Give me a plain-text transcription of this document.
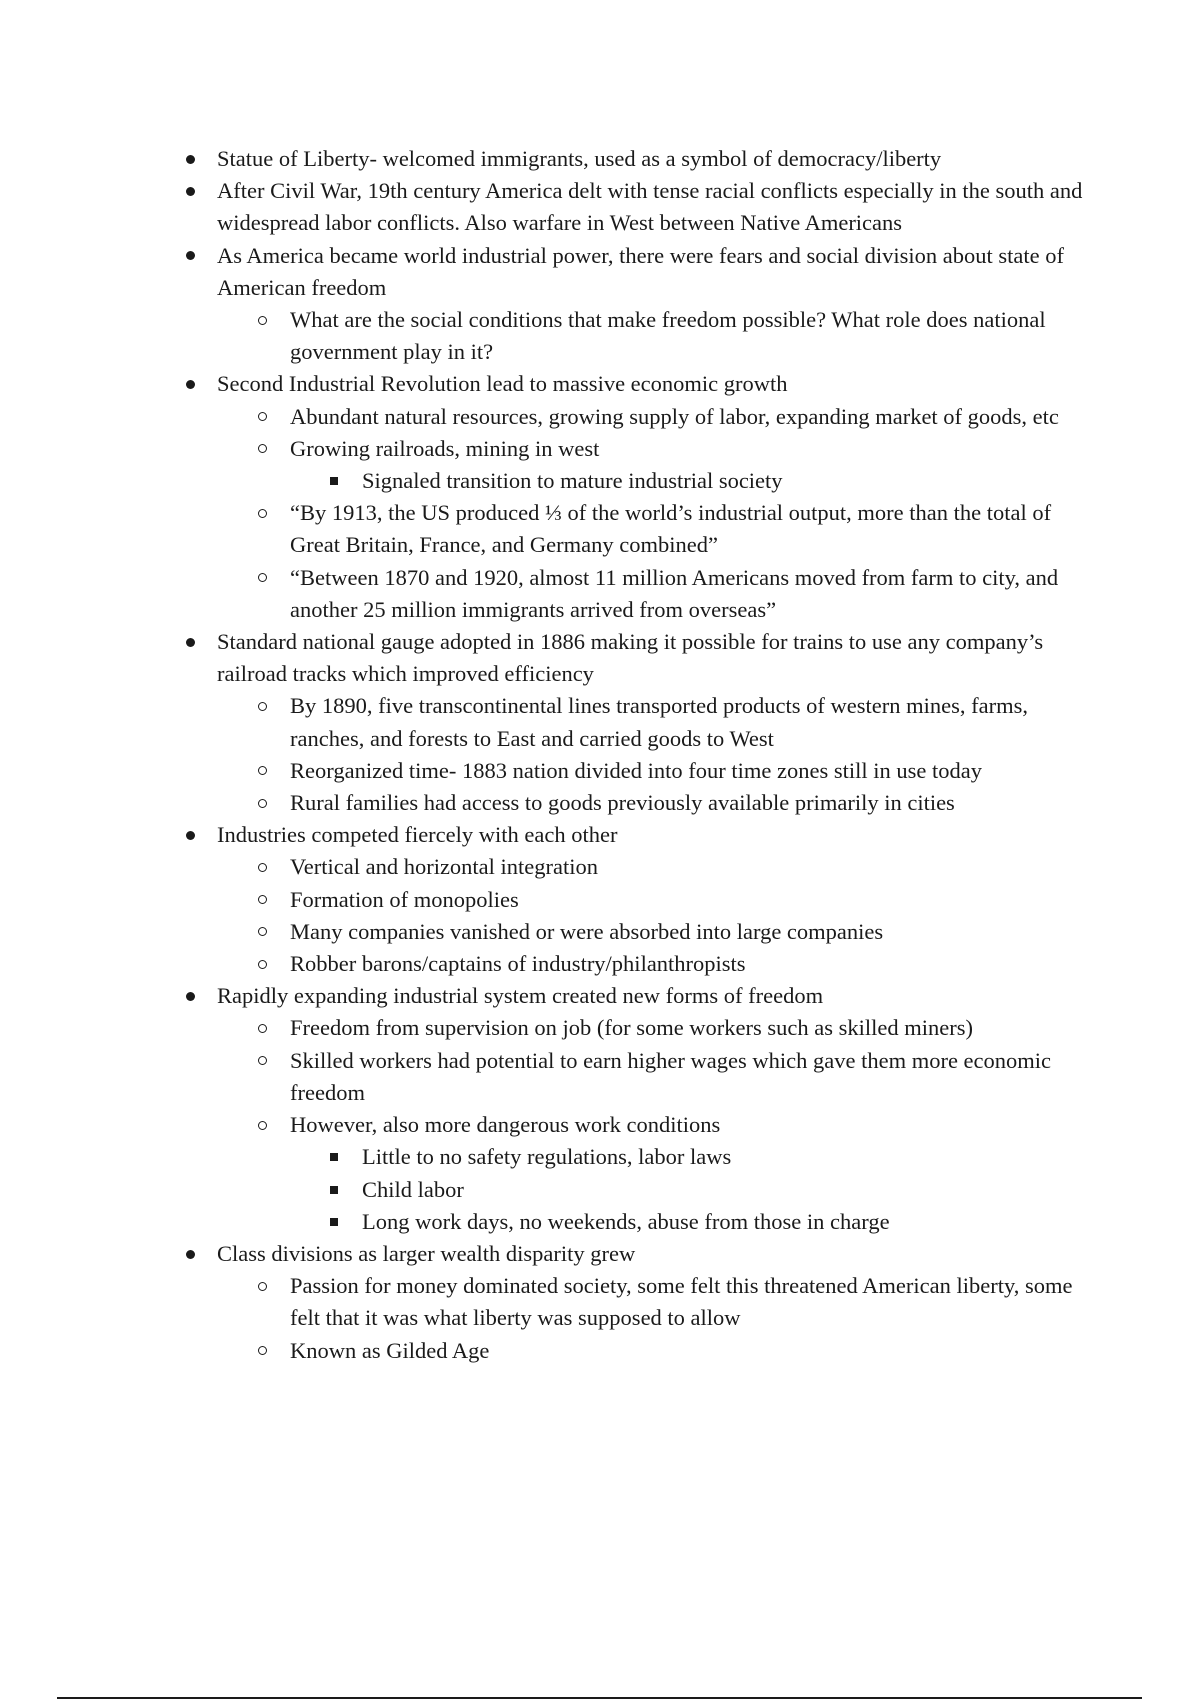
Statue of Liberty- welcomed immigrants, used as a symbol of democracy/liberty
After Civil War, 19th century America delt with tense racial conflicts especially in the south and widespread labor conflicts. Also warfare in West between Native Americans
As America became world industrial power, there were fears and social division about state of American freedom
What are the social conditions that make freedom possible? What role does national government play in it?
Second Industrial Revolution lead to massive economic growth
Abundant natural resources, growing supply of labor, expanding market of goods, etc
Growing railroads, mining in west
Signaled transition to mature industrial society
“By 1913, the US produced ⅓ of the world’s industrial output, more than the total of Great Britain, France, and Germany combined”
“Between 1870 and 1920, almost 11 million Americans moved from farm to city, and another 25 million immigrants arrived from overseas”
Standard national gauge adopted in 1886 making it possible for trains to use any company’s railroad tracks which improved efficiency
By 1890, five transcontinental lines transported products of western mines, farms, ranches, and forests to East and carried goods to West
Reorganized time- 1883 nation divided into four time zones still in use today
Rural families had access to goods previously available primarily in cities
Industries competed fiercely with each other
Vertical and horizontal integration
Formation of monopolies
Many companies vanished or were absorbed into large companies
Robber barons/captains of industry/philanthropists
Rapidly expanding industrial system created new forms of freedom
Freedom from supervision on job (for some workers such as skilled miners)
Skilled workers had potential to earn higher wages which gave them more economic freedom
However, also more dangerous work conditions
Little to no safety regulations, labor laws
Child labor
Long work days, no weekends, abuse from those in charge
Class divisions as larger wealth disparity grew
Passion for money dominated society, some felt this threatened American liberty, some felt that it was what liberty was supposed to allow
Known as Gilded Age
